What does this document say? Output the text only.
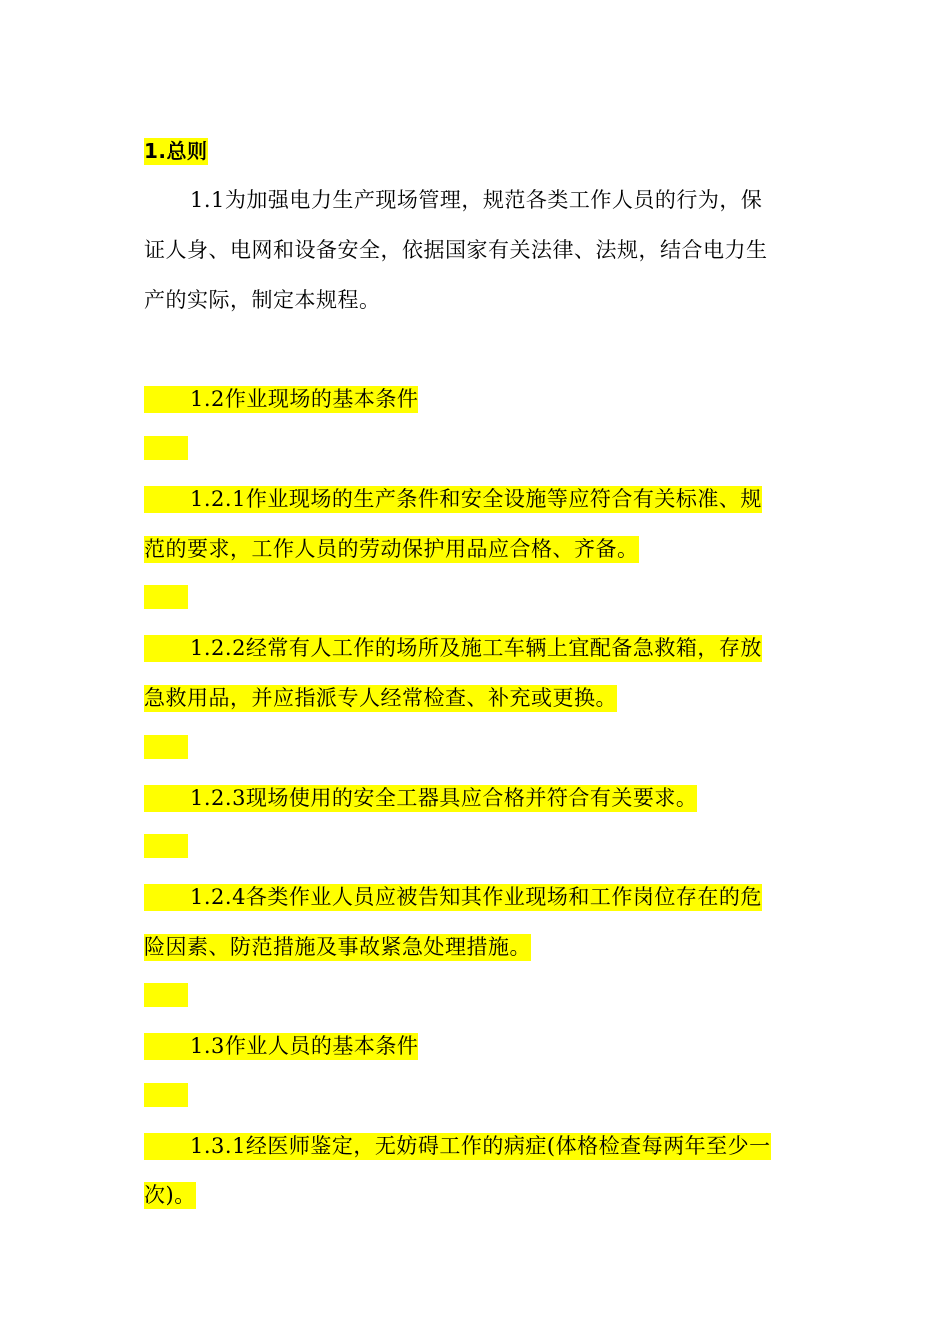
1.总则
1.1为加强电力生产现场管理，规范各类工作人员的行为，保
证人身、电网和设备安全，依据国家有关法律、法规，结合电力生
产的实际，制定本规程。
1.2作业现场的基本条件
1.2.1作业现场的生产条件和安全设施等应符合有关标准、规
范的要求，工作人员的劳动保护用品应合格、齐备。
1.2.2经常有人工作的场所及施工车辆上宜配备急救箱，存放
急救用品，并应指派专人经常检查、补充或更换。
1.2.3现场使用的安全工器具应合格并符合有关要求。
1.2.4各类作业人员应被告知其作业现场和工作岗位存在的危
险因素、防范措施及事故紧急处理措施。
1.3作业人员的基本条件
1.3.1经医师鉴定，无妨碍工作的病症(体格检查每两年至少一
次)。
